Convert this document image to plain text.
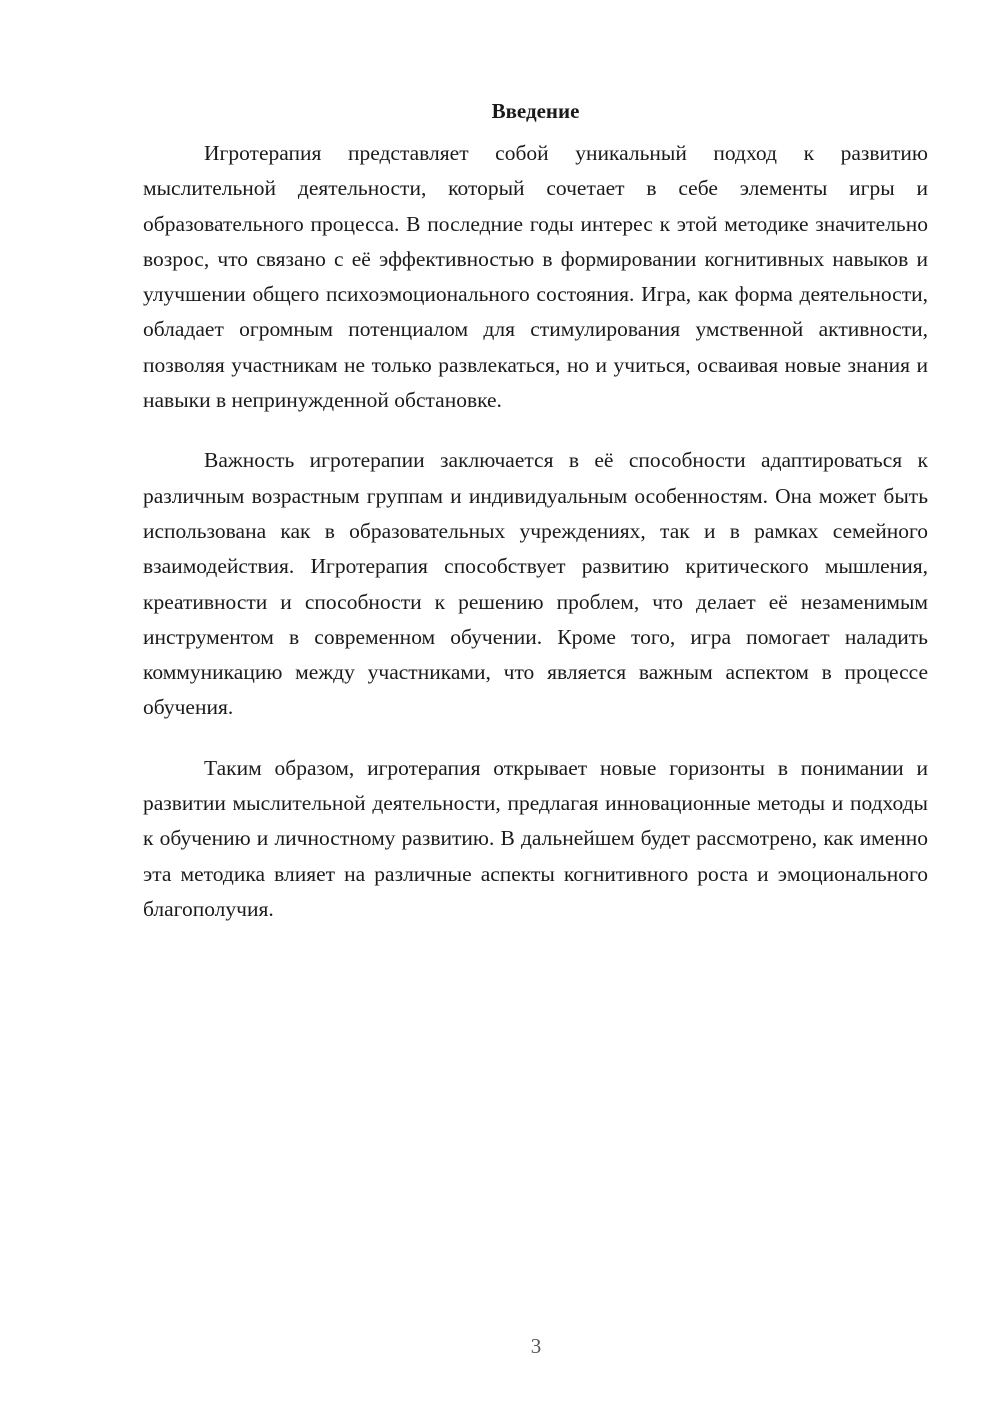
Введение

Игротерапия представляет собой уникальный подход к развитию мыслительной деятельности, который сочетает в себе элементы игры и образовательного процесса. В последние годы интерес к этой методике значительно возрос, что связано с её эффективностью в формировании когнитивных навыков и улучшении общего психоэмоционального состояния. Игра, как форма деятельности, обладает огромным потенциалом для стимулирования умственной активности, позволяя участникам не только развлекаться, но и учиться, осваивая новые знания и навыки в непринужденной обстановке.

Важность игротерапии заключается в её способности адаптироваться к различным возрастным группам и индивидуальным особенностям. Она может быть использована как в образовательных учреждениях, так и в рамках семейного взаимодействия. Игротерапия способствует развитию критического мышления, креативности и способности к решению проблем, что делает её незаменимым инструментом в современном обучении. Кроме того, игра помогает наладить коммуникацию между участниками, что является важным аспектом в процессе обучения.

Таким образом, игротерапия открывает новые горизонты в понимании и развитии мыслительной деятельности, предлагая инновационные методы и подходы к обучению и личностному развитию. В дальнейшем будет рассмотрено, как именно эта методика влияет на различные аспекты когнитивного роста и эмоционального благополучия.

3
